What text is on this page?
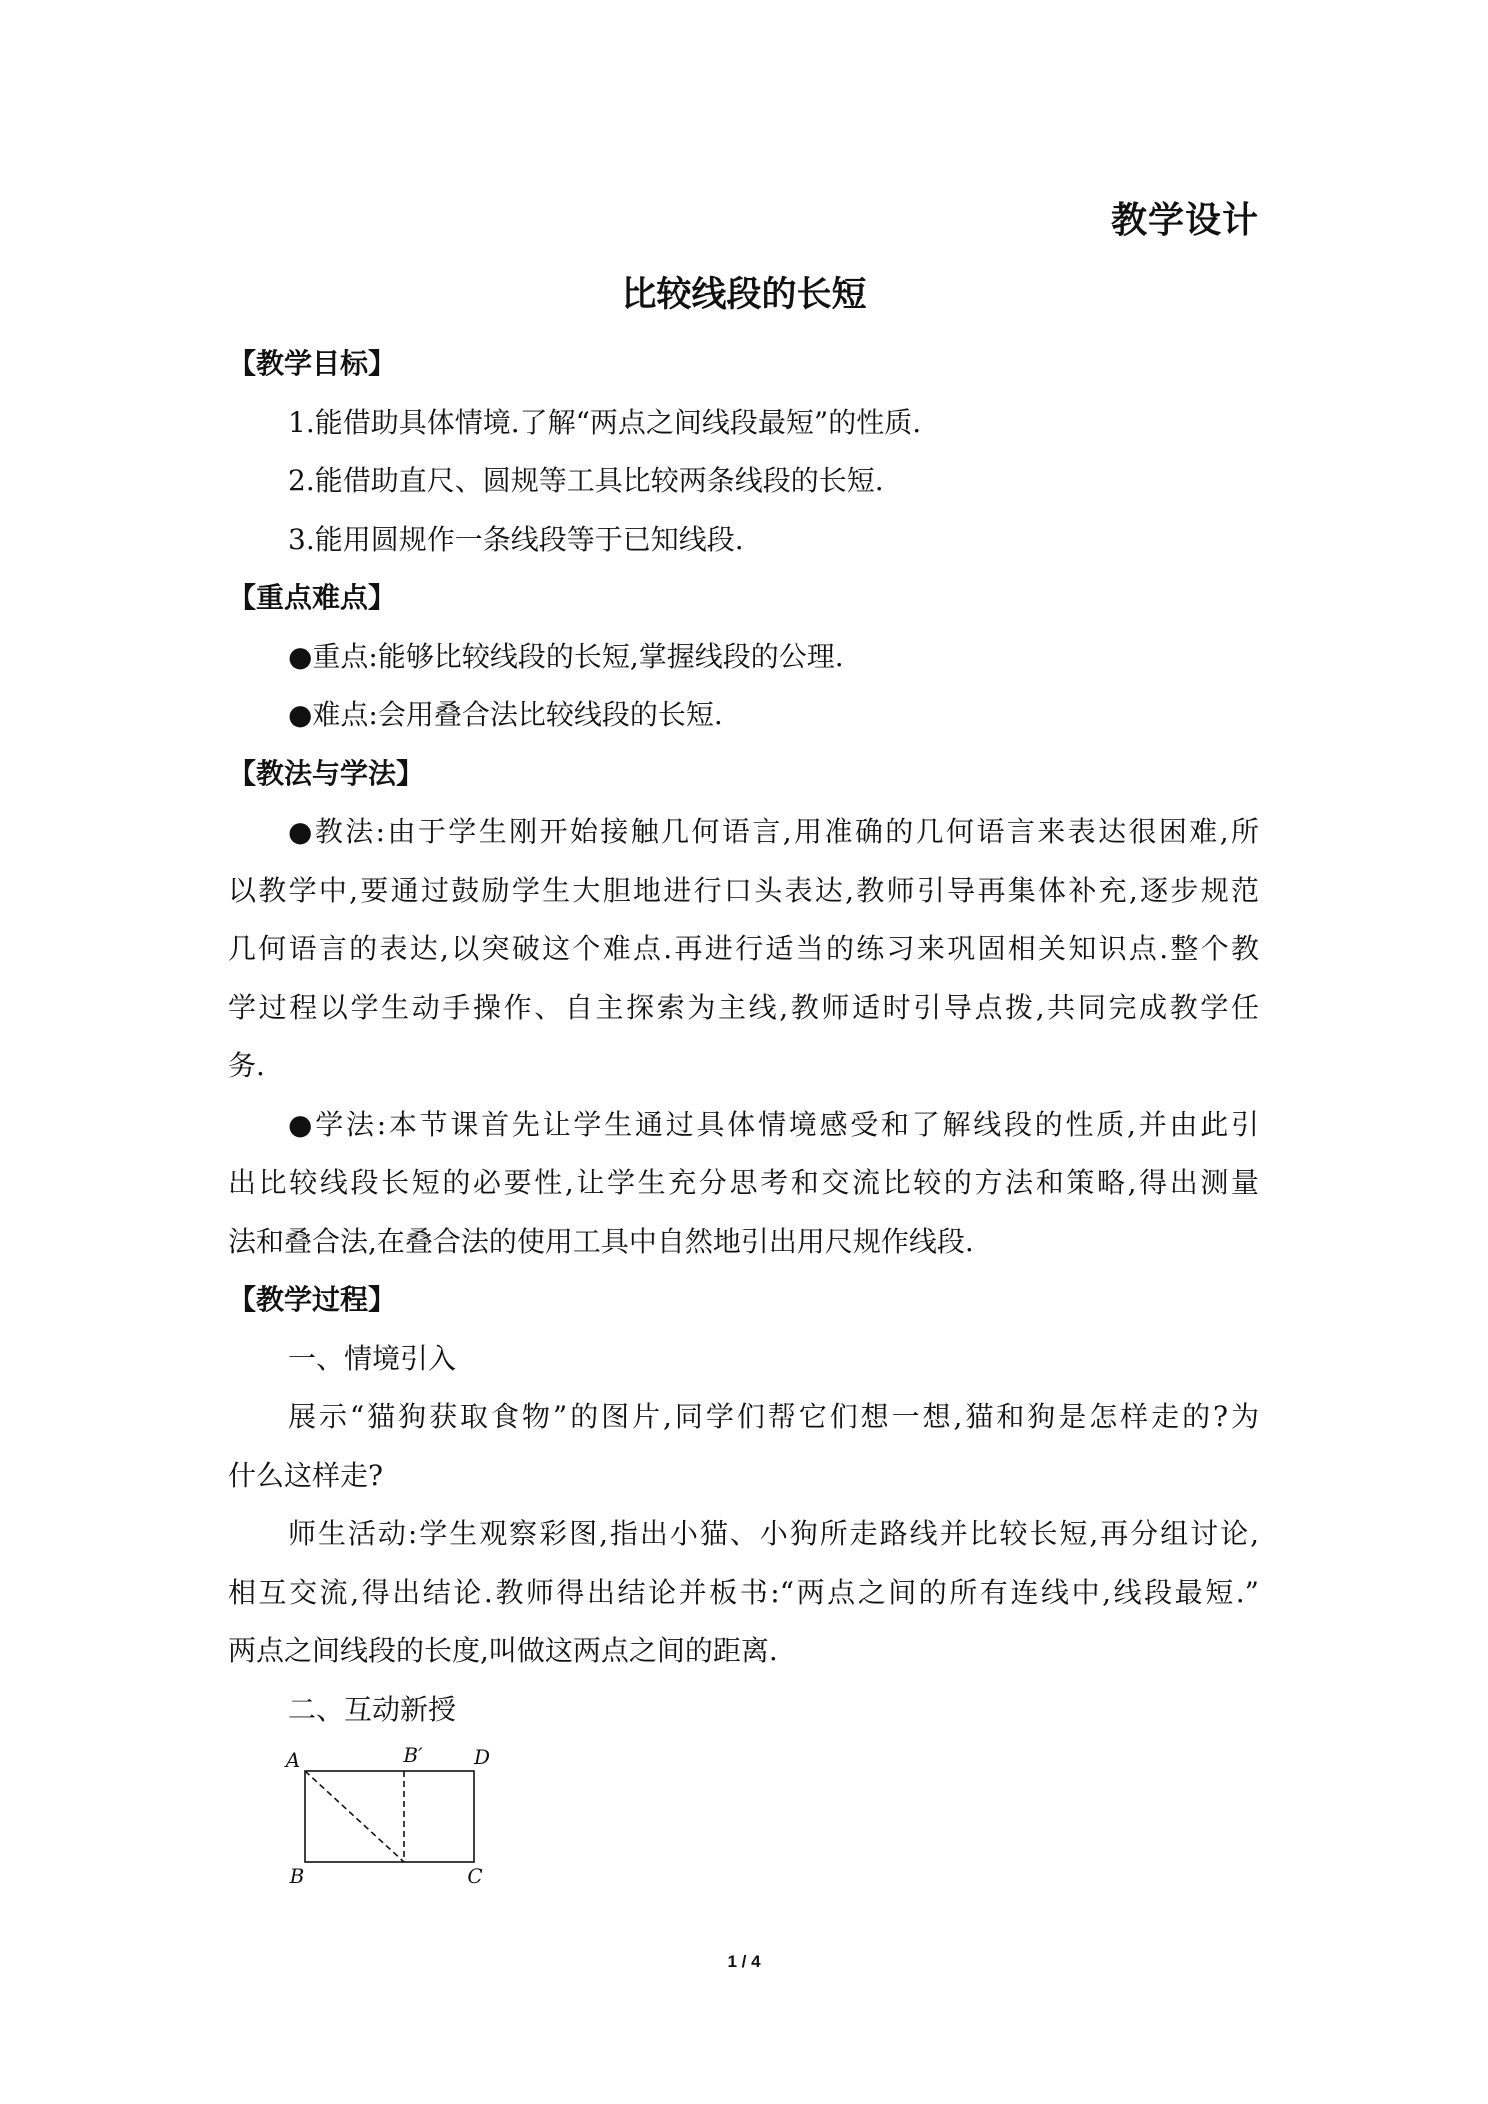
教学设计
比较线段的长短
【教学目标】
1.能借助具体情境.了解“两点之间线段最短”的性质.
2.能借助直尺、圆规等工具比较两条线段的长短.
3.能用圆规作一条线段等于已知线段.
【重点难点】
●重点:能够比较线段的长短,掌握线段的公理.
●难点:会用叠合法比较线段的长短.
【教法与学法】
●教法:由于学生刚开始接触几何语言,用准确的几何语言来表达很困难,所
以教学中,要通过鼓励学生大胆地进行口头表达,教师引导再集体补充,逐步规范
几何语言的表达,以突破这个难点.再进行适当的练习来巩固相关知识点.整个教
学过程以学生动手操作、自主探索为主线,教师适时引导点拨,共同完成教学任
务.
●学法:本节课首先让学生通过具体情境感受和了解线段的性质,并由此引
出比较线段长短的必要性,让学生充分思考和交流比较的方法和策略,得出测量
法和叠合法,在叠合法的使用工具中自然地引出用尺规作线段.
【教学过程】
一、情境引入
展示“猫狗获取食物”的图片,同学们帮它们想一想,猫和狗是怎样走的?为
什么这样走?
师生活动:学生观察彩图,指出小猫、小狗所走路线并比较长短,再分组讨论,
相互交流,得出结论.教师得出结论并板书:“两点之间的所有连线中,线段最短.”
两点之间线段的长度,叫做这两点之间的距离.
二、互动新授
A	B′	D
B	C
1 / 4
